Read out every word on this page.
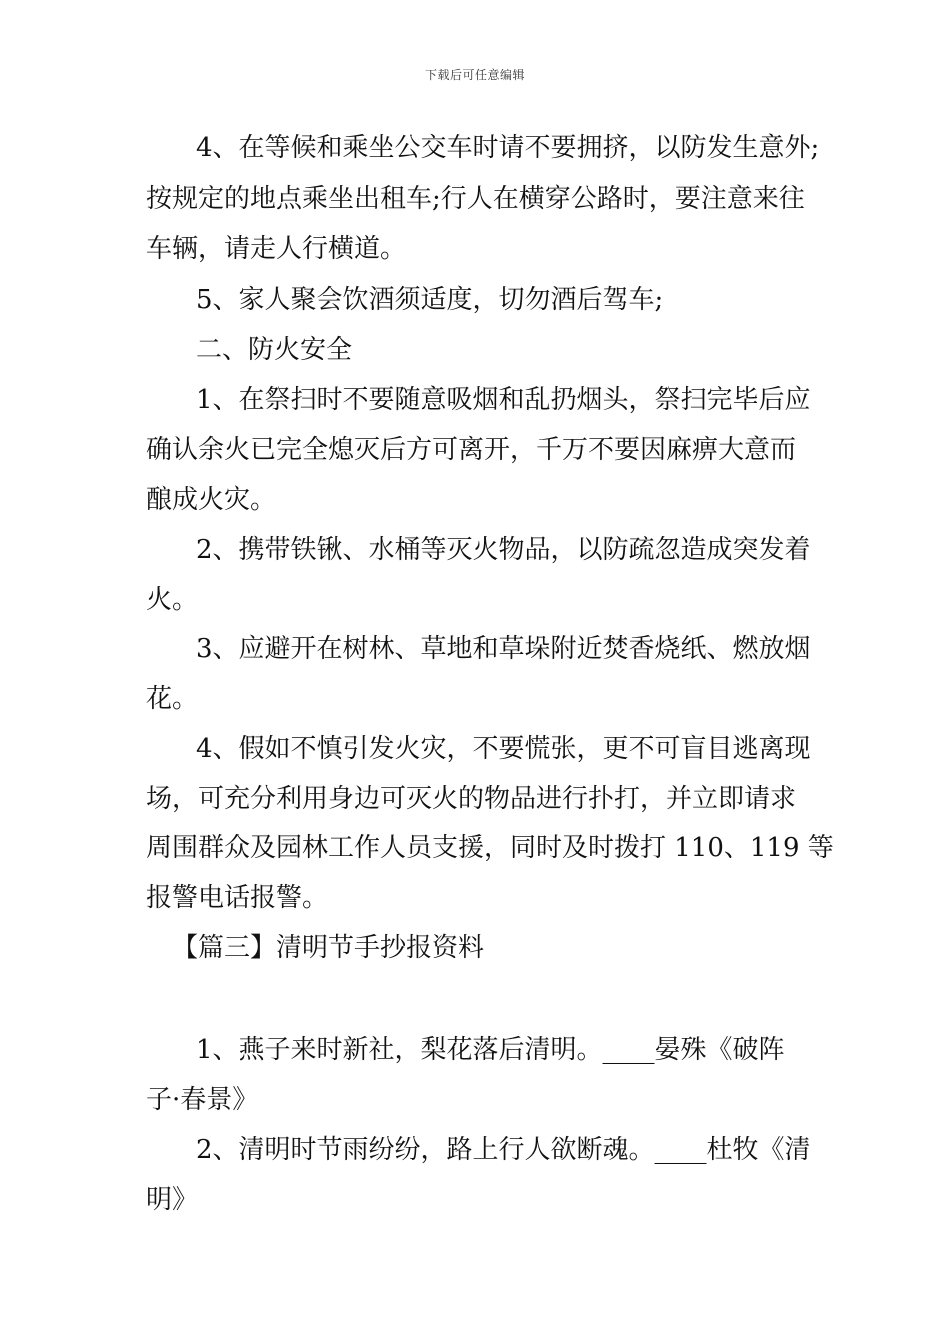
下载后可任意编辑
4、在等候和乘坐公交车时请不要拥挤，以防发生意外;
按规定的地点乘坐出租车;行人在横穿公路时，要注意来往
车辆，请走人行横道。
5、家人聚会饮酒须适度，切勿酒后驾车;
二、防火安全
1、在祭扫时不要随意吸烟和乱扔烟头，祭扫完毕后应
确认余火已完全熄灭后方可离开，千万不要因麻痹大意而
酿成火灾。
2、携带铁锹、水桶等灭火物品，以防疏忽造成突发着
火。
3、应避开在树林、草地和草垛附近焚香烧纸、燃放烟
花。
4、假如不慎引发火灾，不要慌张，更不可盲目逃离现
场，可充分利用身边可灭火的物品进行扑打，并立即请求
周围群众及园林工作人员支援，同时及时拨打 110、119 等
报警电话报警。
【篇三】清明节手抄报资料
1、燕子来时新社，梨花落后清明。____晏殊《破阵
子·春景》
2、清明时节雨纷纷，路上行人欲断魂。____杜牧《清
明》
